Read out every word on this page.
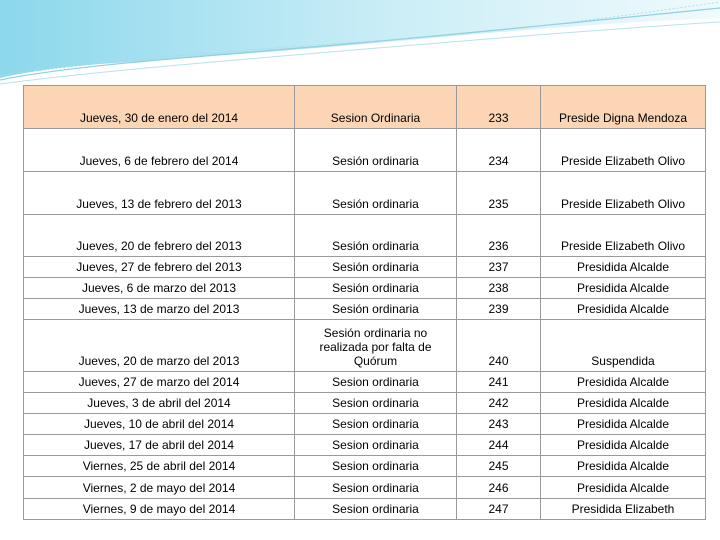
Jueves, 30 de enero del 2014	Sesion Ordinaria	233	Preside Digna Mendoza
Jueves, 6 de febrero del 2014	Sesión ordinaria	234	Preside Elizabeth Olivo
Jueves, 13 de febrero del 2013	Sesión ordinaria	235	Preside Elizabeth Olivo
Jueves, 20 de febrero del 2013	Sesión ordinaria	236	Preside Elizabeth Olivo
Jueves, 27 de febrero del 2013	Sesión ordinaria	237	Presidida Alcalde
Jueves, 6 de marzo del 2013	Sesión ordinaria	238	Presidida Alcalde
Jueves, 13 de marzo del 2013	Sesión ordinaria	239	Presidida Alcalde
Jueves, 20 de marzo del 2013	Sesión ordinaria no realizada por falta de Quórum	240	Suspendida
Jueves, 27 de marzo del 2014	Sesion ordinaria	241	Presidida Alcalde
Jueves, 3 de abril del 2014	Sesion ordinaria	242	Presidida Alcalde
Jueves, 10 de abril del 2014	Sesion ordinaria	243	Presidida Alcalde
Jueves, 17 de abril del 2014	Sesion ordinaria	244	Presidida Alcalde
Viernes, 25 de abril del 2014	Sesion ordinaria	245	Presidida Alcalde
Viernes, 2 de mayo del 2014	Sesion ordinaria	246	Presidida Alcalde
Viernes, 9 de mayo del 2014	Sesion ordinaria	247	Presidida Elizabeth
